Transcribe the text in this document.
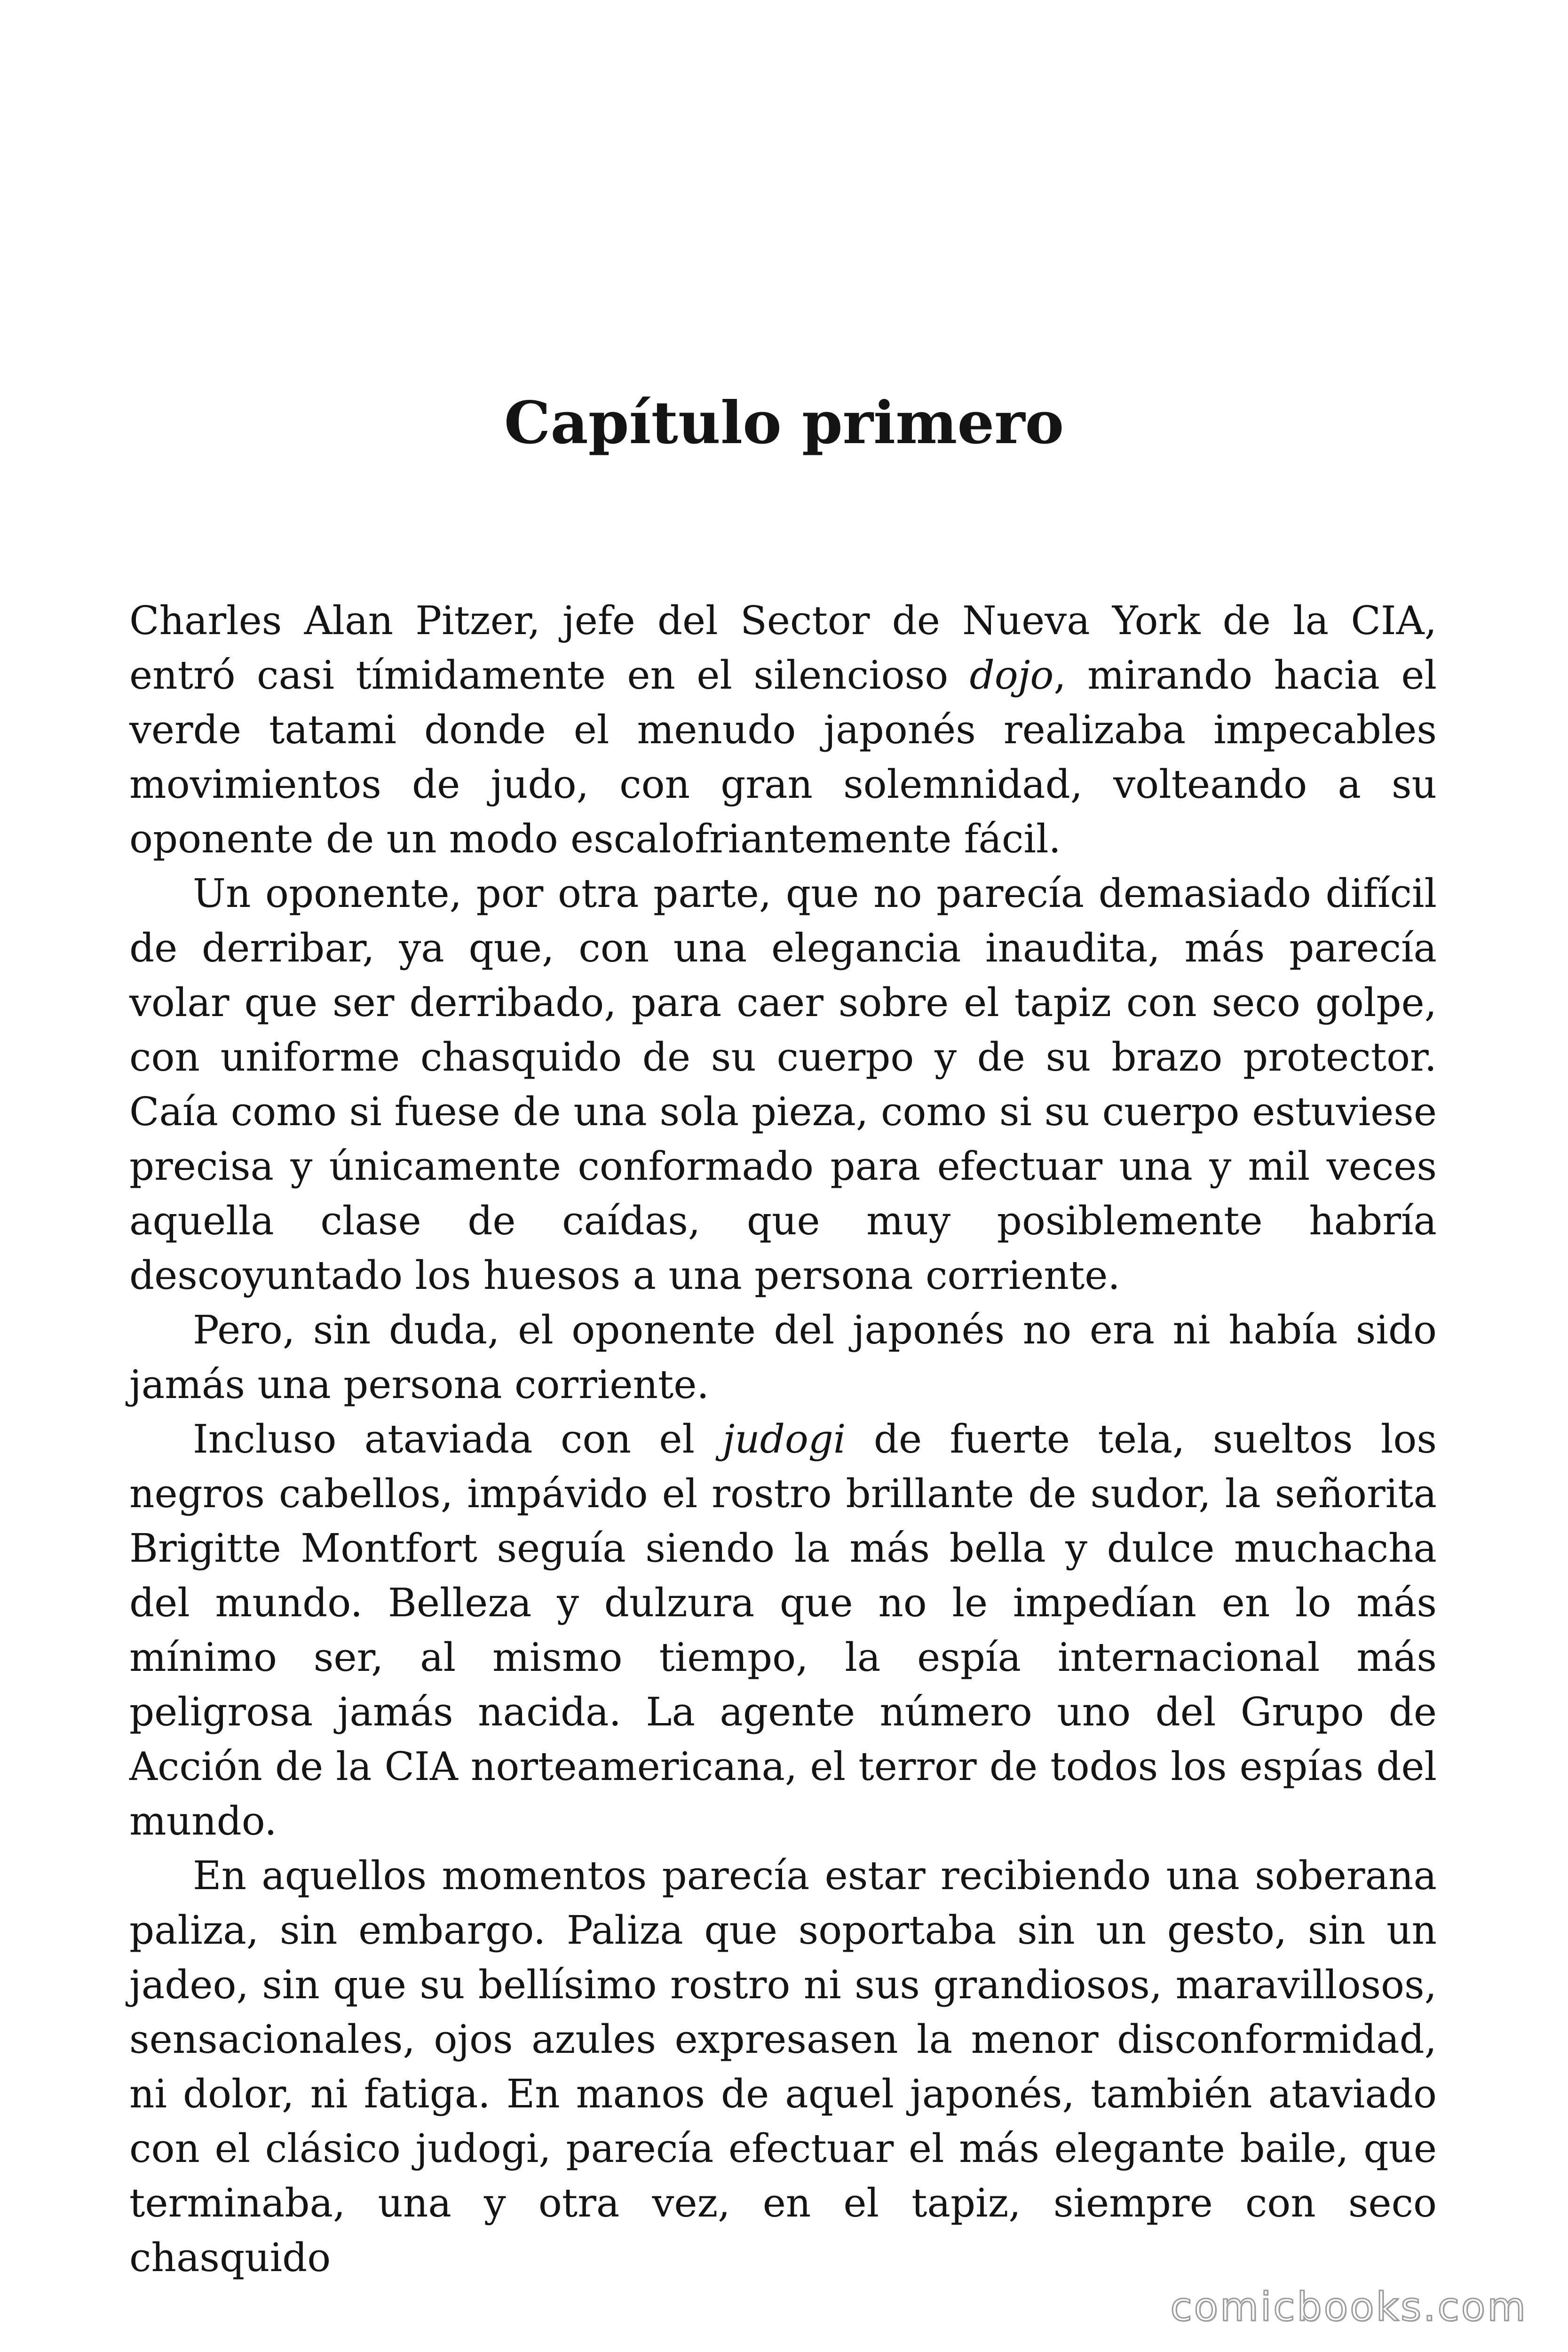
Capítulo primero

Charles Alan Pitzer, jefe del Sector de Nueva York de la CIA, entró casi tímidamente en el silencioso dojo, mirando hacia el verde tatami donde el menudo japonés realizaba impecables movimientos de judo, con gran solemnidad, volteando a su oponente de un modo escalofriantemente fácil.

Un oponente, por otra parte, que no parecía demasiado difícil de derribar, ya que, con una elegancia inaudita, más parecía volar que ser derribado, para caer sobre el tapiz con seco golpe, con uniforme chasquido de su cuerpo y de su brazo protector. Caía como si fuese de una sola pieza, como si su cuerpo estuviese precisa y únicamente conformado para efectuar una y mil veces aquella clase de caídas, que muy posiblemente habría descoyuntado los huesos a una persona corriente.

Pero, sin duda, el oponente del japonés no era ni había sido jamás una persona corriente.

Incluso ataviada con el judogi de fuerte tela, sueltos los negros cabellos, impávido el rostro brillante de sudor, la señorita Brigitte Montfort seguía siendo la más bella y dulce muchacha del mundo. Belleza y dulzura que no le impedían en lo más mínimo ser, al mismo tiempo, la espía internacional más peligrosa jamás nacida. La agente número uno del Grupo de Acción de la CIA norteamericana, el terror de todos los espías del mundo.

En aquellos momentos parecía estar recibiendo una soberana paliza, sin embargo. Paliza que soportaba sin un gesto, sin un jadeo, sin que su bellísimo rostro ni sus grandiosos, maravillosos, sensacionales, ojos azules expresasen la menor disconformidad, ni dolor, ni fatiga. En manos de aquel japonés, también ataviado con el clásico judogi, parecía efectuar el más elegante baile, que terminaba, una y otra vez, en el tapiz, siempre con seco chasquido

comicbooks.com
